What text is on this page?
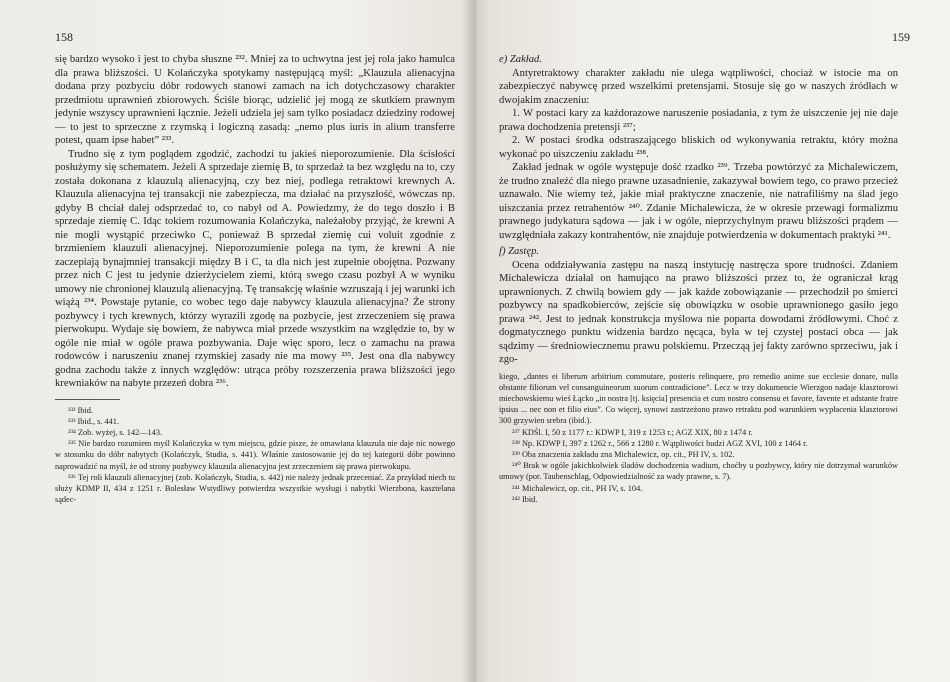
158

się bardzo wysoko i jest to chyba słuszne ²³². Mniej za to uchwytna jest jej rola jako hamulca dla prawa bliższości. U Kolańczyka spotykamy następującą myśl: „Klauzula alienacyjna dodana przy pozbyciu dóbr rodowych stanowi zamach na ich dotychczasowy charakter przedmiotu uprawnień zbiorowych. Ściśle biorąc, udzielić jej mogą ze skutkiem prawnym jedynie wszyscy uprawnieni łącznie. Jeżeli udziela jej sam tylko posiadacz dziedziny rodowej — to jest to sprzeczne z rzymską i logiczną zasadą: „nemo plus iuris in alium transferre potest, quam ipse habet” ²³³.

Trudno się z tym poglądem zgodzić, zachodzi tu jakieś nieporozumienie. Dla ścisłości posłużymy się schematem. Jeżeli A sprzedaje ziemię B, to sprzedaż ta bez względu na to, czy została dokonana z klauzulą alienacyjną, czy bez niej, podlega retraktowi krewnych A. Klauzula alienacyjna tej transakcji nie zabezpiecza, ma działać na przyszłość, wówczas np. gdyby B chciał dalej odsprzedać to, co nabył od A. Powiedzmy, że do tego doszło i B sprzedaje ziemię C. Idąc tokiem rozumowania Kolańczyka, należałoby przyjąć, że krewni A nie mogli wystąpić przeciwko C, ponieważ B sprzedał ziemię cui voluit zgodnie z brzmieniem klauzuli alienacyjnej. Nieporozumienie polega na tym, że krewni A nie zaczepiają bynajmniej transakcji między B i C, ta dla nich jest zupełnie obojętna. Pozwany przez nich C jest tu jedynie dzierżycielem ziemi, którą swego czasu pozbył A w wyniku umowy nie chronionej klauzulą alienacyjną. Tę transakcję właśnie wzruszają i jej warunki ich wiążą ²³⁴. Powstaje pytanie, co wobec tego daje nabywcy klauzula alienacyjna? Że strony pozbywcy i tych krewnych, którzy wyrazili zgodę na pozbycie, jest zrzeczeniem się prawa pierwokupu. Wydaje się bowiem, że nabywca miał przede wszystkim na względzie to, by w ogóle nie miał w ogóle prawa pozbywania. Daje więc sporo, lecz o zamachu na prawa rodowców i naruszeniu znanej rzymskiej zasady nie ma mowy ²³⁵. Jest ona dla nabywcy godna zachodu także z innych względów: utrąca próby rozszerzenia prawa bliższości jego krewniaków na nabyte przezeń dobra ²³⁶.

²³² Ibid.

²³³ Ibid., s. 441.

²³⁴ Zob. wyżej, s. 142—143.

²³⁵ Nie bardzo rozumiem myśl Kolańczyka w tym miejscu, gdzie pisze, że omawiana klauzula nie daje nic nowego w stosunku do dóbr nabytych (Kolańczyk, Studia, s. 441). Właśnie zastosowanie jej do tej kategorii dóbr powinno naprowadzić na myśl, że od strony pozbywcy klauzula alienacyjna jest zrzeczeniem się prawa pierwokupu.

²³⁶ Tej roli klauzuli alienacyjnej (zob. Kolańczyk, Studia, s. 442) nie należy jednak przeceniać. Za przykład niech tu służy KDMP II, 434 z 1251 r. Bolesław Wstydliwy potwierdza wszystkie wysługi i nabytki Wierzbona, kasztelana sądec-

159

e) Zakład.

Antyretraktowy charakter zakładu nie ulega wątpliwości, chociaż w istocie ma on zabezpieczyć nabywcę przed wszelkimi pretensjami. Stosuje się go w naszych źródłach w dwojakim znaczeniu:

1. W postaci kary za każdorazowe naruszenie posiadania, z tym że uiszczenie jej nie daje prawa dochodzenia pretensji ²³⁷;

2. W postaci środka odstraszającego bliskich od wykonywania retraktu, który można wykonać po uiszczeniu zakładu ²³⁸.

Zakład jednak w ogóle występuje dość rzadko ²³⁹. Trzeba powtórzyć za Michalewiczem, że trudno znaleźć dla niego prawne uzasadnienie, zakazywał bowiem tego, co prawo przecież uznawało. Nie wiemy też, jakie miał praktyczne znaczenie, nie natrafiliśmy na ślad jego uiszczania przez retrahentów ²⁴⁰. Zdanie Michalewicza, że w okresie przewagi formalizmu prawnego judykatura sądowa — jak i w ogóle, nieprzychylnym prawu bliższości prądem — uwzględniała zakazy kontrahentów, nie znajduje potwierdzenia w dokumentach praktyki ²⁴¹.

f) Zastęp.

Ocena oddziaływania zastępu na naszą instytucję nastręcza spore trudności. Zdaniem Michalewicza działał on hamująco na prawo bliższości przez to, że ograniczał krąg uprawnionych. Z chwilą bowiem gdy — jak każde zobowiązanie — przechodził po śmierci pozbywcy na spadkobierców, zejście się obowiązku w osobie uprawnionego gasiło jego prawa ²⁴². Jest to jednak konstrukcja myślowa nie poparta dowodami źródłowymi. Choć z dogmatycznego punktu widzenia bardzo nęcąca, była w tej czystej postaci obca — jak sądzimy — średniowiecznemu prawu polskiemu. Przecząą jej fakty zarówno sprzeciwu, jak i zgo-

kiego, „dantes ei liberum arbitrium commutare, posteris relinquere, pro remedio anime sue ecclesie donare, nulla obstante filiorum vel consanguineorum suorum contradicione”. Lecz w trzy dokumencie Wierzgon nadaje klasztorowi miechowskiemu wieś Łącko „in nostra [tj. księcia] presencia et cum nostro consensu et favore, favente et adstante fratre ipsius ... nec non et filio eius”. Co więcej, synowi zastrzeżono prawo retraktu pod warunkiem wypłacenia klasztorowi 300 grzywien srebra (ibid.).

²³⁷ KDŚl. I, 50 z 1177 r.: KDWP I, 319 z 1253 r.; AGZ XIX, 80 z 1474 r.

²³⁸ Np. KDWP I, 397 z 1262 r., 566 z 1280 r. Wątpliwości budzi AGZ XVI, 100 z 1464 r.

²³⁹ Oba znaczenia zakładu zna Michalewicz, op. cit., PH IV, s. 102.

²⁴⁰ Brak w ogóle jakichkolwiek śladów dochodzenia wadium, choćby u pozbywcy, który nie dotrzymał warunków umowy (por. Taubenschlag, Odpowiedzialność za wady prawne, s. 7).

²⁴¹ Michalewicz, op. cit., PH IV, s. 104.

²⁴² Ibid.
